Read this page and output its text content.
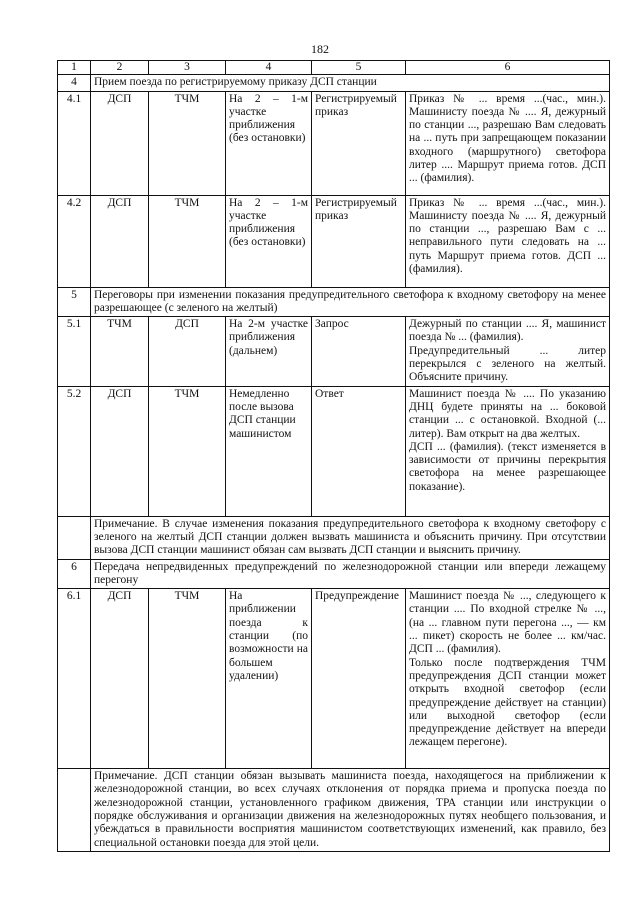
182
1	2	3	4	5	6
4	Прием поезда по регистрируемому приказу ДСП станции				
4.1	ДСП	ТЧМ	На 2 – 1-м участке приближения (без остановки)	Регистрируемый приказ	Приказ № ... время ...(час., мин.). Машинисту поезда № .... Я, дежурный по станции ..., разрешаю Вам следовать на ... путь при запрещающем показании входного (маршрутного) светофора литер .... Маршрут приема готов. ДСП ... (фамилия).
4.2	ДСП	ТЧМ	На 2 – 1-м участке приближения (без остановки)	Регистрируемый приказ	Приказ № ... время ...(час., мин.). Машинисту поезда № .... Я, дежурный по станции ..., разрешаю Вам с ... неправильного пути следовать на ... путь Маршрут приема готов. ДСП ... (фамилия).
5	Переговоры при изменении показания предупредительного светофора к входному светофору на менее разрешающее (с зеленого на желтый)				
5.1	ТЧМ	ДСП	На 2-м участке приближения (дальнем)	Запрос	Дежурный по станции .... Я, машинист поезда № ... (фамилия).
Предупредительный ... литер перекрылся с зеленого на желтый. Объясните причину.

5.2	ДСП	ТЧМ	Немедленно после вызова ДСП станции машинистом	Ответ	Машинист поезда № .... По указанию ДНЦ будете приняты на ... боковой станции ... с остановкой. Входной (... литер). Вам открыт на два желтых.
ДСП ... (фамилия). (текст изменяется в зависимости от причины перекрытия светофора на менее разрешающее показание).

	Примечание. В случае изменения показания предупредительного светофора к входному светофору с зеленого на желтый ДСП станции должен вызвать машиниста и объяснить причину. При отсутствии вызова ДСП станции машинист обязан сам вызвать ДСП станции и выяснить причину.				
6	Передача непредвиденных предупреждений по железнодорожной станции или впереди лежащему перегону				
6.1	ДСП	ТЧМ	На приближении поезда к станции (по возможности на большем удалении)	Предупреждение	Машинист поезда № ..., следующего к станции .... По входной стрелке № ..., (на ... главном пути перегона ..., — км ... пикет) скорость не более ... км/час. ДСП ... (фамилия).
Только после подтверждения ТЧМ предупреждения ДСП станции может открыть входной светофор (если предупреждение действует на станции) или выходной светофор (если предупреждение действует на впереди лежащем перегоне).

	Примечание. ДСП станции обязан вызывать машиниста поезда, находящегося на приближении к железнодорожной станции, во всех случаях отклонения от порядка приема и пропуска поезда по железнодорожной станции, установленного графиком движения, ТРА станции или инструкции о порядке обслуживания и организации движения на железнодорожных путях необщего пользования, и убеждаться в правильности восприятия машинистом соответствующих изменений, как правило, без специальной остановки поезда для этой цели.				
